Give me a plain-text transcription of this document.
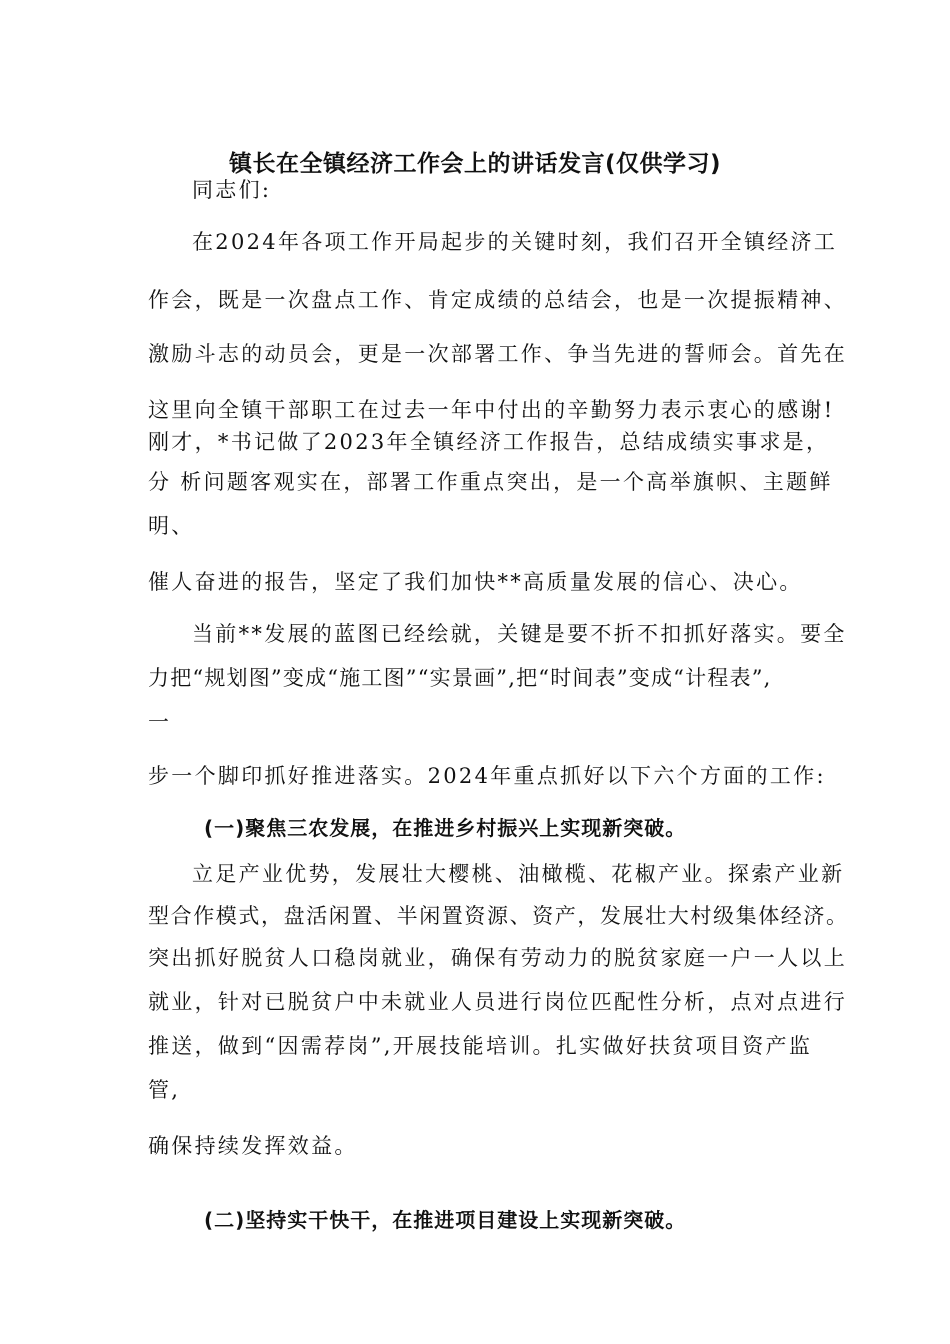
镇长在全镇经济工作会上的讲话发言(仅供学习)
同志们:
在2024年各项工作开局起步的关键时刻，我们召开全镇经济工
作会，既是一次盘点工作、肯定成绩的总结会，也是一次提振精神、
激励斗志的动员会，更是一次部署工作、争当先进的誓师会。首先在
这里向全镇干部职工在过去一年中付出的辛勤努力表示衷心的感谢!
刚才，*书记做了2023年全镇经济工作报告，总结成绩实事求是，
分 析问题客观实在，部署工作重点突出，是一个高举旗帜、主题鲜
明、
催人奋进的报告，坚定了我们加快**高质量发展的信心、决心。
当前**发展的蓝图已经绘就，关键是要不折不扣抓好落实。要全
力把“规划图”变成“施工图”“实景画”,把“时间表”变成“计程表”,
一
步一个脚印抓好推进落实。2024年重点抓好以下六个方面的工作:
(一)聚焦三农发展，在推进乡村振兴上实现新突破。
立足产业优势，发展壮大樱桃、油橄榄、花椒产业。探索产业新
型合作模式，盘活闲置、半闲置资源、资产，发展壮大村级集体经济。
突出抓好脱贫人口稳岗就业，确保有劳动力的脱贫家庭一户一人以上
就业，针对已脱贫户中未就业人员进行岗位匹配性分析，点对点进行
推送，做到“因需荐岗”,开展技能培训。扎实做好扶贫项目资产监
管,
确保持续发挥效益。
(二)坚持实干快干，在推进项目建设上实现新突破。
